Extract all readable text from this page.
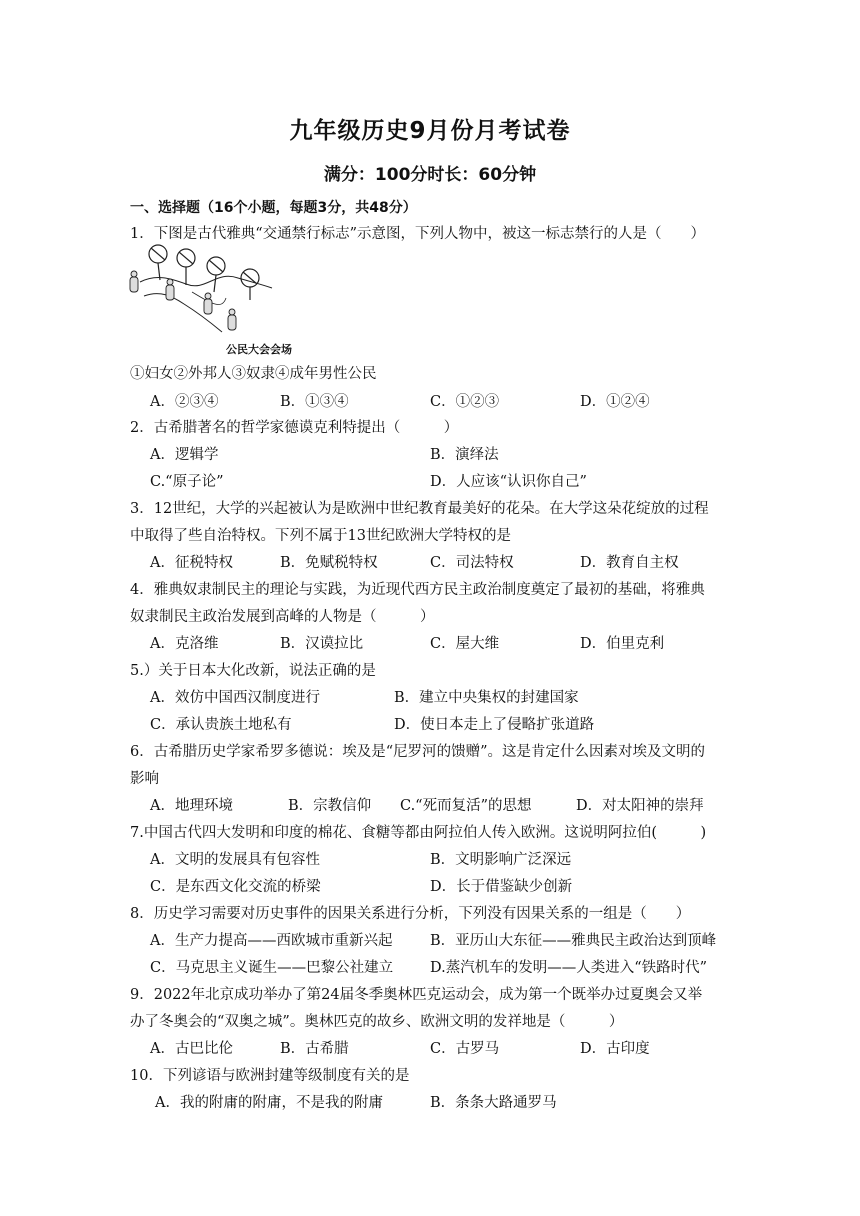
九年级历史9月份月考试卷
满分：100分时长：60分钟
一、选择题（16个小题，每题3分，共48分）
1．下图是古代雅典“交通禁行标志”示意图，下列人物中，被这一标志禁行的人是（　　）
公民大会会场
①妇女②外邦人③奴隶④成年男性公民
A．②③④	B．①③④	C．①②③	D．①②④
2．古希腊著名的哲学家德谟克利特提出（　　　）
A．逻辑学	B．演绎法
C.“原子论”	D．人应该“认识你自己”
3．12世纪，大学的兴起被认为是欧洲中世纪教育最美好的花朵。在大学这朵花绽放的过程
中取得了些自治特权。下列不属于13世纪欧洲大学特权的是
A．征税特权	B．免赋税特权	C．司法特权	D．教育自主权
4．雅典奴隶制民主的理论与实践，为近现代西方民主政治制度奠定了最初的基础，将雅典
奴隶制民主政治发展到高峰的人物是（　　　）
A．克洛维	B．汉谟拉比	C．屋大维	D．伯里克利
5.）关于日本大化改新，说法正确的是
A．效仿中国西汉制度进行	B．建立中央集权的封建国家
C．承认贵族土地私有	D．使日本走上了侵略扩张道路
6．古希腊历史学家希罗多德说：埃及是“尼罗河的馈赠”。这是肯定什么因素对埃及文明的
影响
A．地理环境	B．宗教信仰 C.“死而复活”的思想	D．对太阳神的崇拜
7.中国古代四大发明和印度的棉花、食糖等都由阿拉伯人传入欧洲。这说明阿拉伯(　　　)
A．文明的发展具有包容性	B．文明影响广泛深远
C．是东西文化交流的桥梁	D．长于借鉴缺少创新
8．历史学习需要对历史事件的因果关系进行分析，下列没有因果关系的一组是（　　）
A．生产力提高——西欧城市重新兴起	B．亚历山大东征——雅典民主政治达到顶峰
C．马克思主义诞生——巴黎公社建立	D.蒸汽机车的发明——人类进入“铁路时代”
9．2022年北京成功举办了第24届冬季奥林匹克运动会，成为第一个既举办过夏奥会又举
办了冬奥会的“双奥之城”。奥林匹克的故乡、欧洲文明的发祥地是（　　　）
A．古巴比伦	B．古希腊	C．古罗马	D．古印度
10．下列谚语与欧洲封建等级制度有关的是
A．我的附庸的附庸，不是我的附庸	B．条条大路通罗马
